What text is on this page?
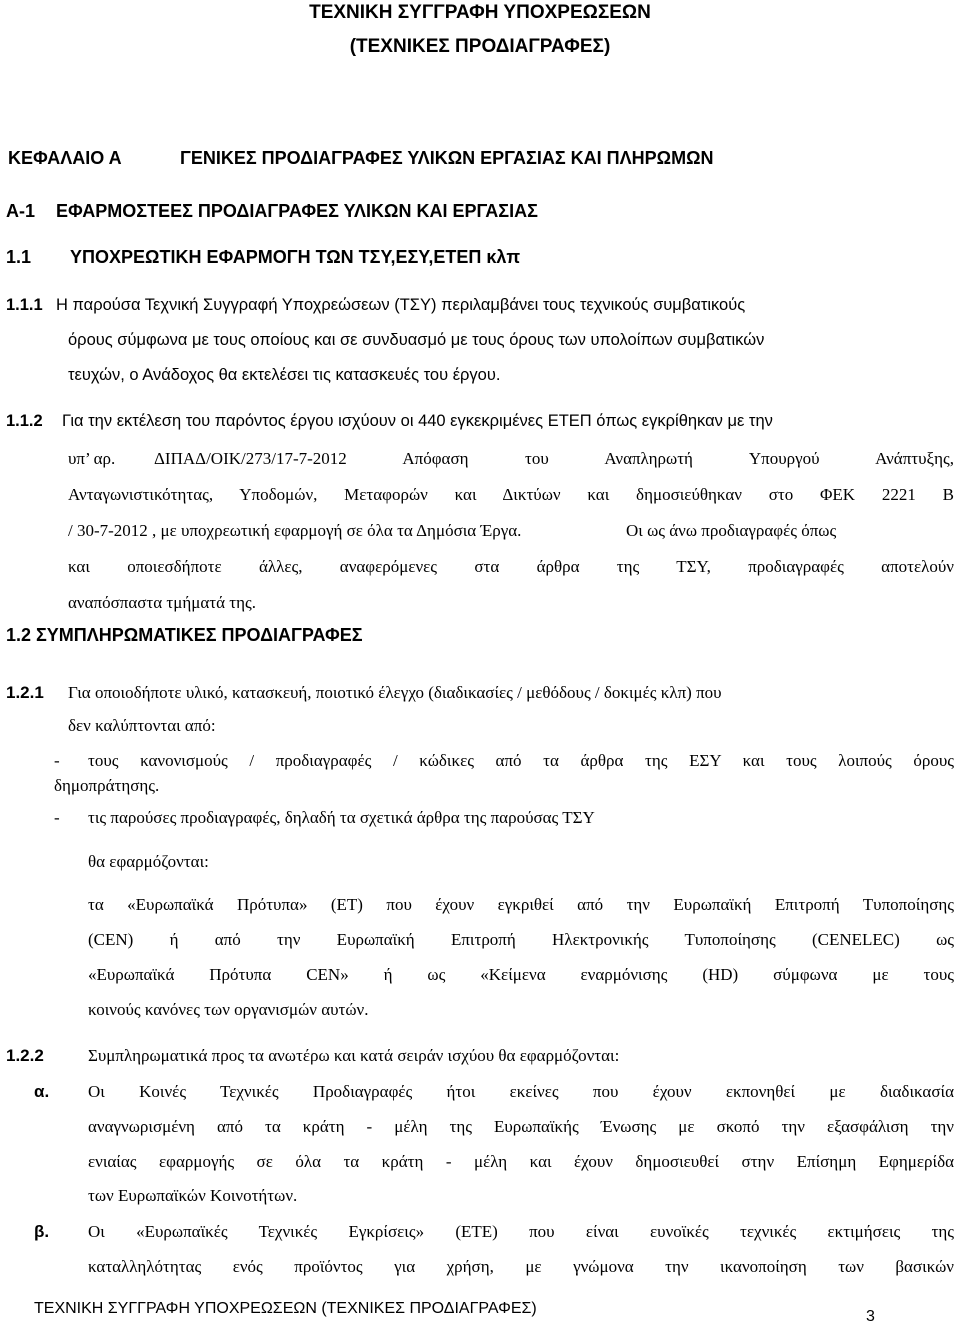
ΤΕΧΝΙΚΗ ΣΥΓΓΡΑΦΗ ΥΠΟΧΡΕΩΣΕΩΝ
(ΤΕΧΝΙΚΕΣ ΠΡΟΔΙΑΓΡΑΦΕΣ)
ΚΕΦΑΛΑΙΟ Α	ΓΕΝΙΚΕΣ ΠΡΟΔΙΑΓΡΑΦΕΣ ΥΛΙΚΩΝ ΕΡΓΑΣΙΑΣ ΚΑΙ ΠΛΗΡΩΜΩΝ
Α-1 ΕΦΑΡΜΟΣΤΕΕΣ ΠΡΟΔΙΑΓΡΑΦΕΣ ΥΛΙΚΩΝ ΚΑΙ ΕΡΓΑΣΙΑΣ
1.1 ΥΠΟΧΡΕΩΤΙΚΗ ΕΦΑΡΜΟΓΗ ΤΩΝ ΤΣΥ,ΕΣΥ,ΕΤΕΠ κλπ
1.1.1 Η παρούσα Τεχνική Συγγραφή Υποχρεώσεων (ΤΣΥ) περιλαμβάνει τους τεχνικούς συμβατικούς
όρους σύμφωνα με τους οποίους και σε συνδυασμό με τους όρους των υπολοίπων συμβατικών
τευχών, ο Ανάδοχος θα εκτελέσει τις κατασκευές του έργου.
1.1.2 Για την εκτέλεση του παρόντος έργου ισχύουν οι 440 εγκεκριμένες ΕΤΕΠ όπως εγκρίθηκαν με την
υπ’ αρ. ΔΙΠΑΔ/ΟΙΚ/273/17-7-2012 Απόφαση του Αναπληρωτή Υπουργού Ανάπτυξης,
Ανταγωνιστικότητας, Υποδομών, Μεταφορών και Δικτύων και δημοσιεύθηκαν στο ΦΕΚ 2221 Β
/ 30-7-2012 , με υποχρεωτική εφαρμογή σε όλα τα Δημόσια Έργα.	Οι ως άνω προδιαγραφές όπως
και οποιεσδήποτε άλλες, αναφερόμενες στα άρθρα της ΤΣΥ, προδιαγραφές αποτελούν
αναπόσπαστα τμήματά της.
1.2 ΣΥΜΠΛΗΡΩΜΑΤΙΚΕΣ ΠΡΟΔΙΑΓΡΑΦΕΣ
1.2.1 Για οποιοδήποτε υλικό, κατασκευή, ποιοτικό έλεγχο (διαδικασίες / μεθόδους / δοκιμές κλπ) που
δεν καλύπτονται από:
- τους κανονισμούς / προδιαγραφές / κώδικες από τα άρθρα της ΕΣΥ και τους λοιπούς όρους
δημοπράτησης.
- τις παρούσες προδιαγραφές, δηλαδή τα σχετικά άρθρα της παρούσας ΤΣΥ
θα εφαρμόζονται:
τα «Ευρωπαϊκά Πρότυπα» (ΕΤ) που έχουν εγκριθεί από την Ευρωπαϊκή Επιτροπή Τυποποίησης
(CEN) ή από την Ευρωπαϊκή Επιτροπή Ηλεκτρονικής Τυποποίησης (CENELEC) ως
«Ευρωπαϊκά Πρότυπα CEN» ή ως «Κείμενα εναρμόνισης (HD) σύμφωνα με τους
κοινούς κανόνες των οργανισμών αυτών.
1.2.2	Συμπληρωματικά προς τα ανωτέρω και κατά σειράν ισχύου θα εφαρμόζονται:
α. Οι Κοινές Τεχνικές Προδιαγραφές ήτοι εκείνες που έχουν εκπονηθεί με διαδικασία
αναγνωρισμένη από τα κράτη - μέλη της Ευρωπαϊκής Ένωσης με σκοπό την εξασφάλιση την
ενιαίας εφαρμογής σε όλα τα κράτη - μέλη και έχουν δημοσιευθεί στην Επίσημη Εφημερίδα
των Ευρωπαϊκών Κοινοτήτων.
β. Οι «Ευρωπαϊκές Τεχνικές Εγκρίσεις» (ΕΤΕ) που είναι ευνοϊκές τεχνικές εκτιμήσεις της
καταλληλότητας ενός προϊόντος για χρήση, με γνώμονα την ικανοποίηση των βασικών
ΤΕΧΝΙΚΗ ΣΥΓΓΡΑΦΗ ΥΠΟΧΡΕΩΣΕΩΝ (ΤΕΧΝΙΚΕΣ ΠΡΟΔΙΑΓΡΑΦΕΣ)	3
